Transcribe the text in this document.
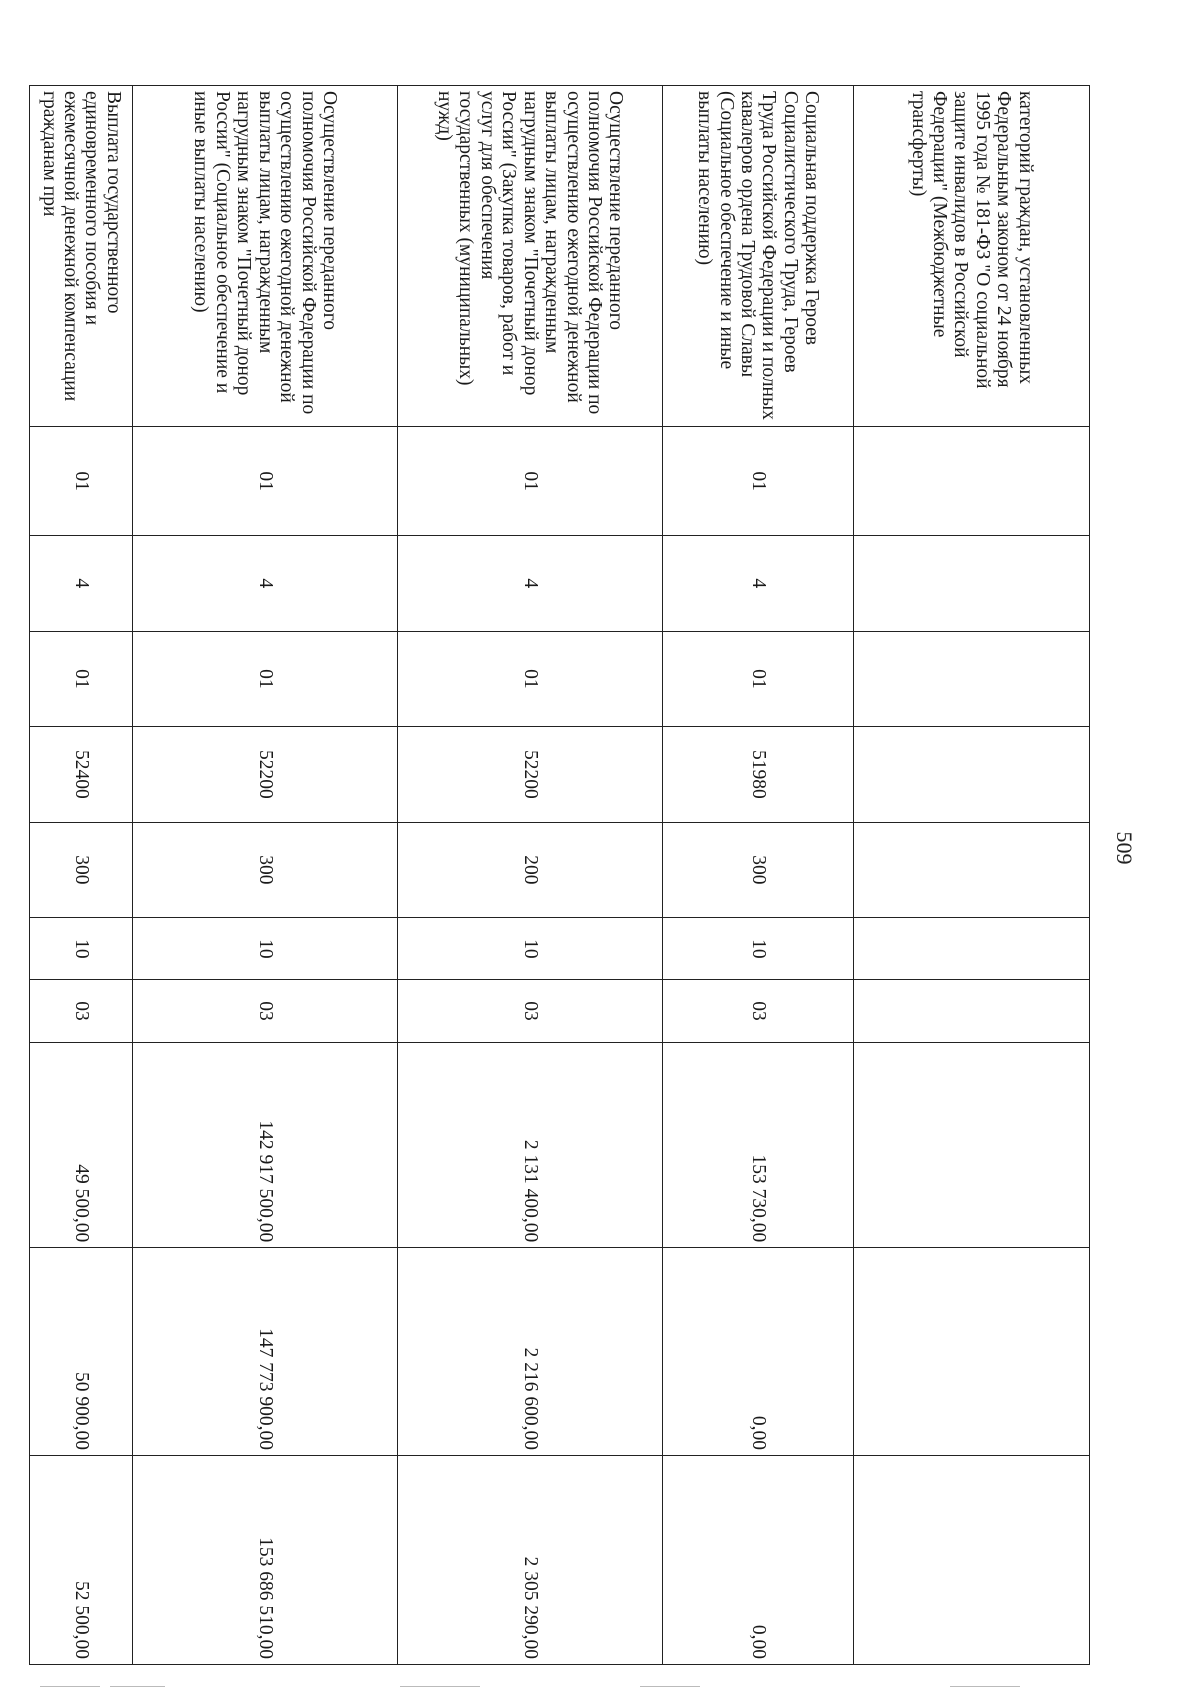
509
категорий граждан, установленных Федеральным законом от 24 ноября 1995 года № 181-ФЗ "О социальной защите инвалидов в Российской Федерации" (Межбюджетные трансферты)										
Социальная поддержка Героев Социалистического Труда, Героев Труда Российской Федерации и полных кавалеров ордена Трудовой Славы (Социальное обеспечение и иные выплаты населению)	01	4	01	51980	300	10	03	153 730,00	0,00	0,00
Осуществление переданного полномочия Российской Федерации по осуществлению ежегодной денежной выплаты лицам, награжденным нагрудным знаком "Почетный донор России" (Закупка товаров, работ и услуг для обеспечения государственных (муниципальных) нужд)	01	4	01	52200	200	10	03	2 131 400,00	2 216 600,00	2 305 290,00
Осуществление переданного полномочия Российской Федерации по осуществлению ежегодной денежной выплаты лицам, награжденным нагрудным знаком "Почетный донор России" (Социальное обеспечение и иные выплаты населению)	01	4	01	52200	300	10	03	142 917 500,00	147 773 900,00	153 686 510,00
Выплата государственного единовременного пособия и ежемесячной денежной компенсации гражданам при	01	4	01	52400	300	10	03	49 500,00	50 900,00	52 500,00
